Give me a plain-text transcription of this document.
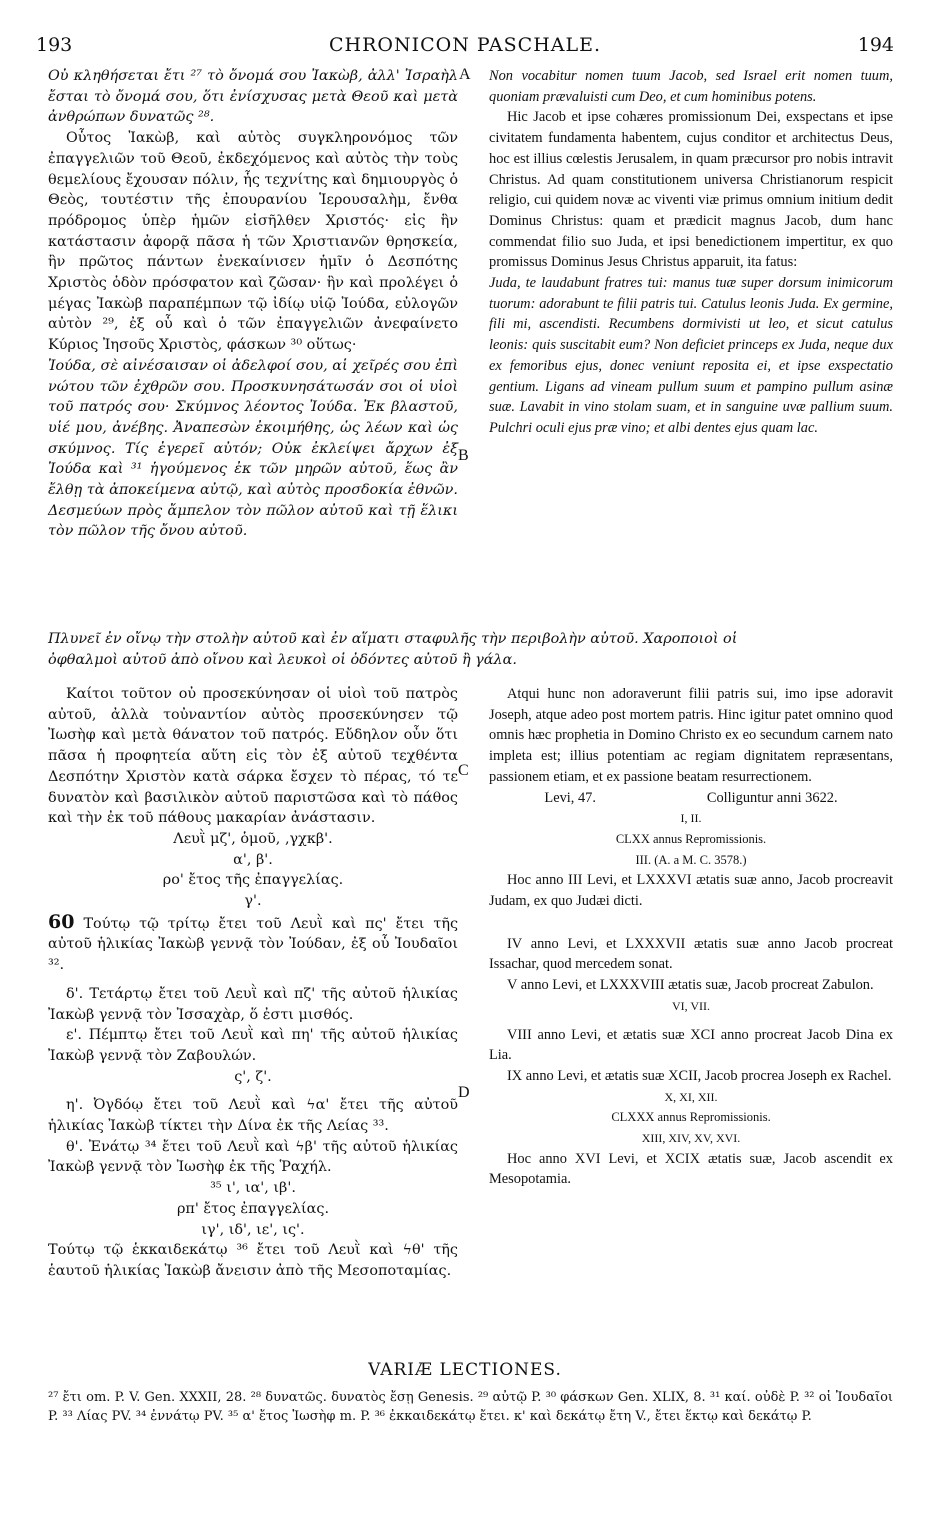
193	CHRONICON PASCHALE.	194
A
B
C
D

Οὐ κληθήσεται ἔτι ²⁷ τὸ ὄνομά σου Ἰακὼβ, ἀλλ' Ἰσραὴλ ἔσται τὸ ὄνομά σου, ὅτι ἐνίσχυσας μετὰ Θεοῦ καὶ μετὰ ἀνθρώπων δυνατῶς ²⁸.

Οὗτος Ἰακὼβ, καὶ αὐτὸς συγκληρονόμος τῶν ἐπαγγελιῶν τοῦ Θεοῦ, ἐκδεχόμενος καὶ αὐτὸς τὴν τοὺς θεμελίους ἔχουσαν πόλιν, ἧς τεχνίτης καὶ δημιουργὸς ὁ Θεὸς, τουτέστιν τῆς ἐπουρανίου Ἱερουσαλὴμ, ἔνθα πρόδρομος ὑπὲρ ἡμῶν εἰσῆλθεν Χριστός· εἰς ἣν κατάστασιν ἀφορᾷ πᾶσα ἡ τῶν Χριστιανῶν θρησκεία, ἣν πρῶτος πάντων ἐνεκαίνισεν ἡμῖν ὁ Δεσπότης Χριστὸς ὁδὸν πρόσφατον καὶ ζῶσαν· ἣν καὶ προλέγει ὁ μέγας Ἰακὼβ παραπέμπων τῷ ἰδίῳ υἱῷ Ἰούδα, εὐλογῶν αὐτὸν ²⁹, ἐξ οὗ καὶ ὁ τῶν ἐπαγγελιῶν ἀνεφαίνετο Κύριος Ἰησοῦς Χριστὸς, φάσκων ³⁰ οὕτως·

Ἰούδα, σὲ αἰνέσαισαν οἱ ἀδελφοί σου, αἱ χεῖρές σου ἐπὶ νώτου τῶν ἐχθρῶν σου. Προσκυνησάτωσάν σοι οἱ υἱοὶ τοῦ πατρός σου· Σκύμνος λέοντος Ἰούδα. Ἐκ βλαστοῦ, υἱέ μου, ἀνέβης. Ἀναπεσὼν ἐκοιμήθης, ὡς λέων καὶ ὡς σκύμνος. Τίς ἐγερεῖ αὐτόν; Οὐκ ἐκλείψει ἄρχων ἐξ Ἰούδα καὶ ³¹ ἡγούμενος ἐκ τῶν μηρῶν αὐτοῦ, ἕως ἂν ἔλθῃ τὰ ἀποκείμενα αὐτῷ, καὶ αὐτὸς προσδοκία ἐθνῶν. Δεσμεύων πρὸς ἄμπελον τὸν πῶλον αὐτοῦ καὶ τῇ ἕλικι τὸν πῶλον τῆς ὄνου αὐτοῦ.

Non vocabitur nomen tuum Jacob, sed Israel erit nomen tuum, quoniam prævaluisti cum Deo, et cum hominibus potens.

Hic Jacob et ipse cohæres promissionum Dei, exspectans et ipse civitatem fundamenta habentem, cujus conditor et architectus Deus, hoc est illius cœlestis Jerusalem, in quam præcursor pro nobis intravit Christus. Ad quam constitutionem universa Christianorum respicit religio, cui quidem novæ ac viventi viæ primus omnium initium dedit Dominus Christus: quam et prædicit magnus Jacob, dum hanc commendat filio suo Juda, et ipsi benedictionem impertitur, ex quo promissus Dominus Jesus Christus apparuit, ita fatus:

Juda, te laudabunt fratres tui: manus tuæ super dorsum inimicorum tuorum: adorabunt te filii patris tui. Catulus leonis Juda. Ex germine, fili mi, ascendisti. Recumbens dormivisti ut leo, et sicut catulus leonis: quis suscitabit eum? Non deficiet princeps ex Juda, neque dux ex femoribus ejus, donec veniunt reposita ei, et ipse exspectatio gentium. Ligans ad vineam pullum suum et pampino pullum asinæ suæ. Lavabit in vino stolam suam, et in sanguine uvæ pallium suum. Pulchri oculi ejus præ vino; et albi dentes ejus quam lac.

Πλυνεῖ ἐν οἴνῳ τὴν στολὴν αὐτοῦ καὶ ἐν αἵματι σταφυλῆς τὴν περιβολὴν αὐτοῦ. Χαροποιοὶ οἱ
ὀφθαλμοὶ αὐτοῦ ἀπὸ οἴνου καὶ λευκοὶ οἱ ὀδόντες αὐτοῦ ἢ γάλα.

Καίτοι τοῦτον οὐ προσεκύνησαν οἱ υἱοὶ τοῦ πατρὸς αὐτοῦ, ἀλλὰ τοὐναντίον αὐτὸς προσεκύνησεν τῷ Ἰωσὴφ καὶ μετὰ θάνατον τοῦ πατρός. Εὔδηλον οὖν ὅτι πᾶσα ἡ προφητεία αὕτη εἰς τὸν ἐξ αὐτοῦ τεχθέντα Δεσπότην Χριστὸν κατὰ σάρκα ἔσχεν τὸ πέρας, τό τε δυνατὸν καὶ βασιλικὸν αὐτοῦ παριστῶσα καὶ τὸ πάθος καὶ τὴν ἐκ τοῦ πάθους μακαρίαν ἀνάστασιν.

Λευῒ μζ', ὁμοῦ, ,γχκβ'.

α', β'.

ρο' ἔτος τῆς ἐπαγγελίας.

γ'.

60 Τούτῳ τῷ τρίτῳ ἔτει τοῦ Λευῒ καὶ πς' ἔτει τῆς αὐτοῦ ἡλικίας Ἰακὼβ γεννᾷ τὸν Ἰούδαν, ἐξ οὗ Ἰουδαῖοι ³².

δ'. Τετάρτῳ ἔτει τοῦ Λευῒ καὶ πζ' τῆς αὐτοῦ ἡλικίας Ἰακὼβ γεννᾷ τὸν Ἰσσαχὰρ, ὅ ἐστι μισθός.

ε'. Πέμπτῳ ἔτει τοῦ Λευῒ καὶ πη' τῆς αὐτοῦ ἡλικίας Ἰακὼβ γεννᾷ τὸν Ζαβουλών.

ς', ζ'.

η'. Ὀγδόῳ ἔτει τοῦ Λευῒ καὶ ϟα' ἔτει τῆς αὐτοῦ ἡλικίας Ἰακὼβ τίκτει τὴν Δίνα ἐκ τῆς Λείας ³³.

θ'. Ἐνάτῳ ³⁴ ἔτει τοῦ Λευῒ καὶ ϟβ' τῆς αὐτοῦ ἡλικίας Ἰακὼβ γεννᾷ τὸν Ἰωσὴφ ἐκ τῆς Ῥαχήλ.

³⁵ ι', ια', ιβ'.

ρπ' ἔτος ἐπαγγελίας.

ιγ', ιδ', ιε', ις'.

Τούτῳ τῷ ἑκκαιδεκάτῳ ³⁶ ἔτει τοῦ Λευῒ καὶ ϟθ' τῆς ἑαυτοῦ ἡλικίας Ἰακὼβ ἄνεισιν ἀπὸ τῆς Μεσοποταμίας.

Atqui hunc non adoraverunt filii patris sui, imo ipse adoravit Joseph, atque adeo post mortem patris. Hinc igitur patet omnino quod omnis hæc prophetia in Domino Christo ex eo secundum carnem nato impleta est; illius potentiam ac regiam dignitatem repræsentans, passionem etiam, et ex passione beatam resurrectionem.

Levi, 47.	Colliguntur anni 3622.

I, II.

CLXX annus Repromissionis.

III. (A. a M. C. 3578.)

Hoc anno III Levi, et LXXXVI ætatis suæ anno, Jacob procreavit Judam, ex quo Judæi dicti.

IV anno Levi, et LXXXVII ætatis suæ anno Jacob procreat Issachar, quod mercedem sonat.

V anno Levi, et LXXXVIII ætatis suæ, Jacob procreat Zabulon.

VI, VII.

VIII anno Levi, et ætatis suæ XCI anno procreat Jacob Dina ex Lia.

IX anno Levi, et ætatis suæ XCII, Jacob procrea Joseph ex Rachel.

X, XI, XII.

CLXXX annus Repromissionis.

XIII, XIV, XV, XVI.

Hoc anno XVI Levi, et XCIX ætatis suæ, Jacob ascendit ex Mesopotamia.

VARIÆ LECTIONES.
²⁷ ἔτι om. P. V. Gen. XXXII, 28. ²⁸ δυνατῶς. δυνατὸς ἔσῃ Genesis. ²⁹ αὐτῷ P. ³⁰ φάσκων Gen. XLIX, 8. ³¹ καί. οὐδὲ P. ³² οἱ Ἰουδαῖοι P. ³³ Λίας PV. ³⁴ ἐννάτῳ PV. ³⁵ α' ἔτος Ἰωσὴφ m. P. ³⁶ ἐκκαιδεκάτῳ ἔτει. κ' καὶ δεκάτῳ ἔτη V., ἔτει ἕκτῳ καὶ δεκάτῳ P.
